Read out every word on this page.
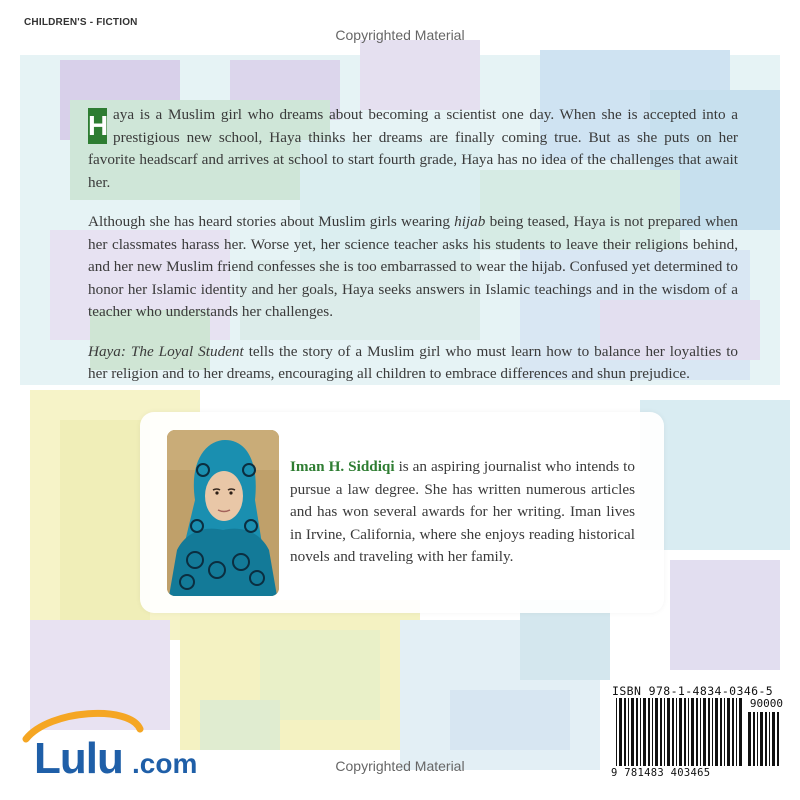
CHILDREN'S - FICTION
Copyrighted Material

H aya is a Muslim girl who dreams about becoming a scientist one day. When she is accepted into a prestigious new school, Haya thinks her dreams are finally coming true. But as she puts on her favorite headscarf and arrives at school to start fourth grade, Haya has no idea of the challenges that await her.

Although she has heard stories about Muslim girls wearing hijab being teased, Haya is not prepared when her classmates harass her. Worse yet, her science teacher asks his students to leave their religions behind, and her new Muslim friend confesses she is too embarrassed to wear the hijab. Confused yet determined to honor her Islamic identity and her goals, Haya seeks answers in Islamic teachings and in the wisdom of a teacher who understands her challenges.

Haya: The Loyal Student tells the story of a Muslim girl who must learn how to balance her loyalties to her religion and to her dreams, encouraging all children to embrace differences and shun prejudice.

Iman H. Siddiqi is an aspiring journalist who intends to pursue a law degree. She has written numerous articles and has won several awards for her writing. Iman lives in Irvine, California, where she enjoys reading historical novels and traveling with her family.
ISBN 978-1-4834-0346-5
90000
9 781483 403465
Lulu .com	Copyrighted Material
